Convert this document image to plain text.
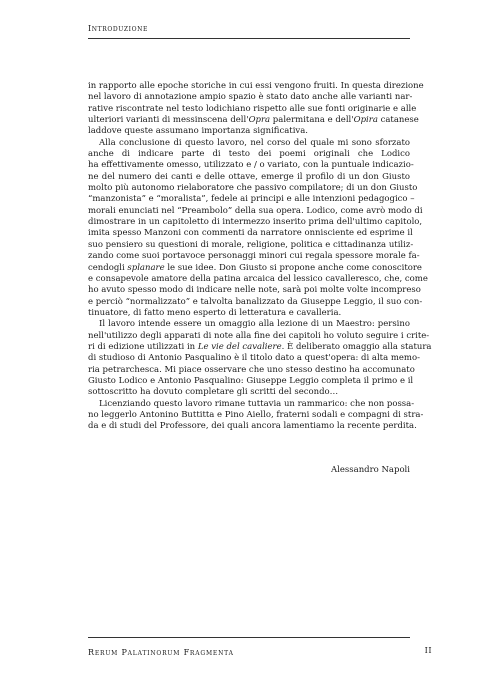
Introduzione

in rapporto alle epoche storiche in cui essi vengono fruiti. In questa direzione
nel lavoro di annotazione ampio spazio è stato dato anche alle varianti nar-
rative riscontrate nel testo lodichiano rispetto alle sue fonti originarie e alle
ulteriori varianti di messinscena dell'Opra palermitana e dell'Opira catanese
laddove queste assumano importanza significativa.

Alla conclusione di questo lavoro, nel corso del quale mi sono sforzato
anche di indicare parte di testo dei poemi originali che Lodico
ha effettivamente omesso, utilizzato e / o variato, con la puntuale indicazio-
ne del numero dei canti e delle ottave, emerge il profilo di un don Giusto
molto più autonomo rielaboratore che passivo compilatore; di un don Giusto
“manzonista” e “moralista”, fedele ai principi e alle intenzioni pedagogico –
morali enunciati nel “Preambolo” della sua opera. Lodico, come avrò modo di
dimostrare in un capitoletto di intermezzo inserito prima dell'ultimo capitolo,
imita spesso Manzoni con commenti da narratore onnisciente ed esprime il
suo pensiero su questioni di morale, religione, politica e cittadinanza utiliz-
zando come suoi portavoce personaggi minori cui regala spessore morale fa-
cendogli splanare le sue idee. Don Giusto si propone anche come conoscitore
e consapevole amatore della patina arcaica del lessico cavalleresco, che, come
ho avuto spesso modo di indicare nelle note, sarà poi molte volte incompreso
e perciò “normalizzato” e talvolta banalizzato da Giuseppe Leggio, il suo con-
tinuatore, di fatto meno esperto di letteratura e cavalleria.

Il lavoro intende essere un omaggio alla lezione di un Maestro: persino
nell'utilizzo degli apparati di note alla fine dei capitoli ho voluto seguire i crite-
ri di edizione utilizzati in Le vie del cavaliere. È deliberato omaggio alla statura
di studioso di Antonio Pasqualino è il titolo dato a quest'opera: di alta memo-
ria petrarchesca. Mi piace osservare che uno stesso destino ha accomunato
Giusto Lodico e Antonio Pasqualino: Giuseppe Leggio completa il primo e il
sottoscritto ha dovuto completare gli scritti del secondo…

Licenziando questo lavoro rimane tuttavia un rammarico: che non possa-
no leggerlo Antonino Buttitta e Pino Aiello, fraterni sodali e compagni di stra-
da e di studi del Professore, dei quali ancora lamentiamo la recente perdita.

Alessandro Napoli
Rerum Palatinorum Fragmenta	II
